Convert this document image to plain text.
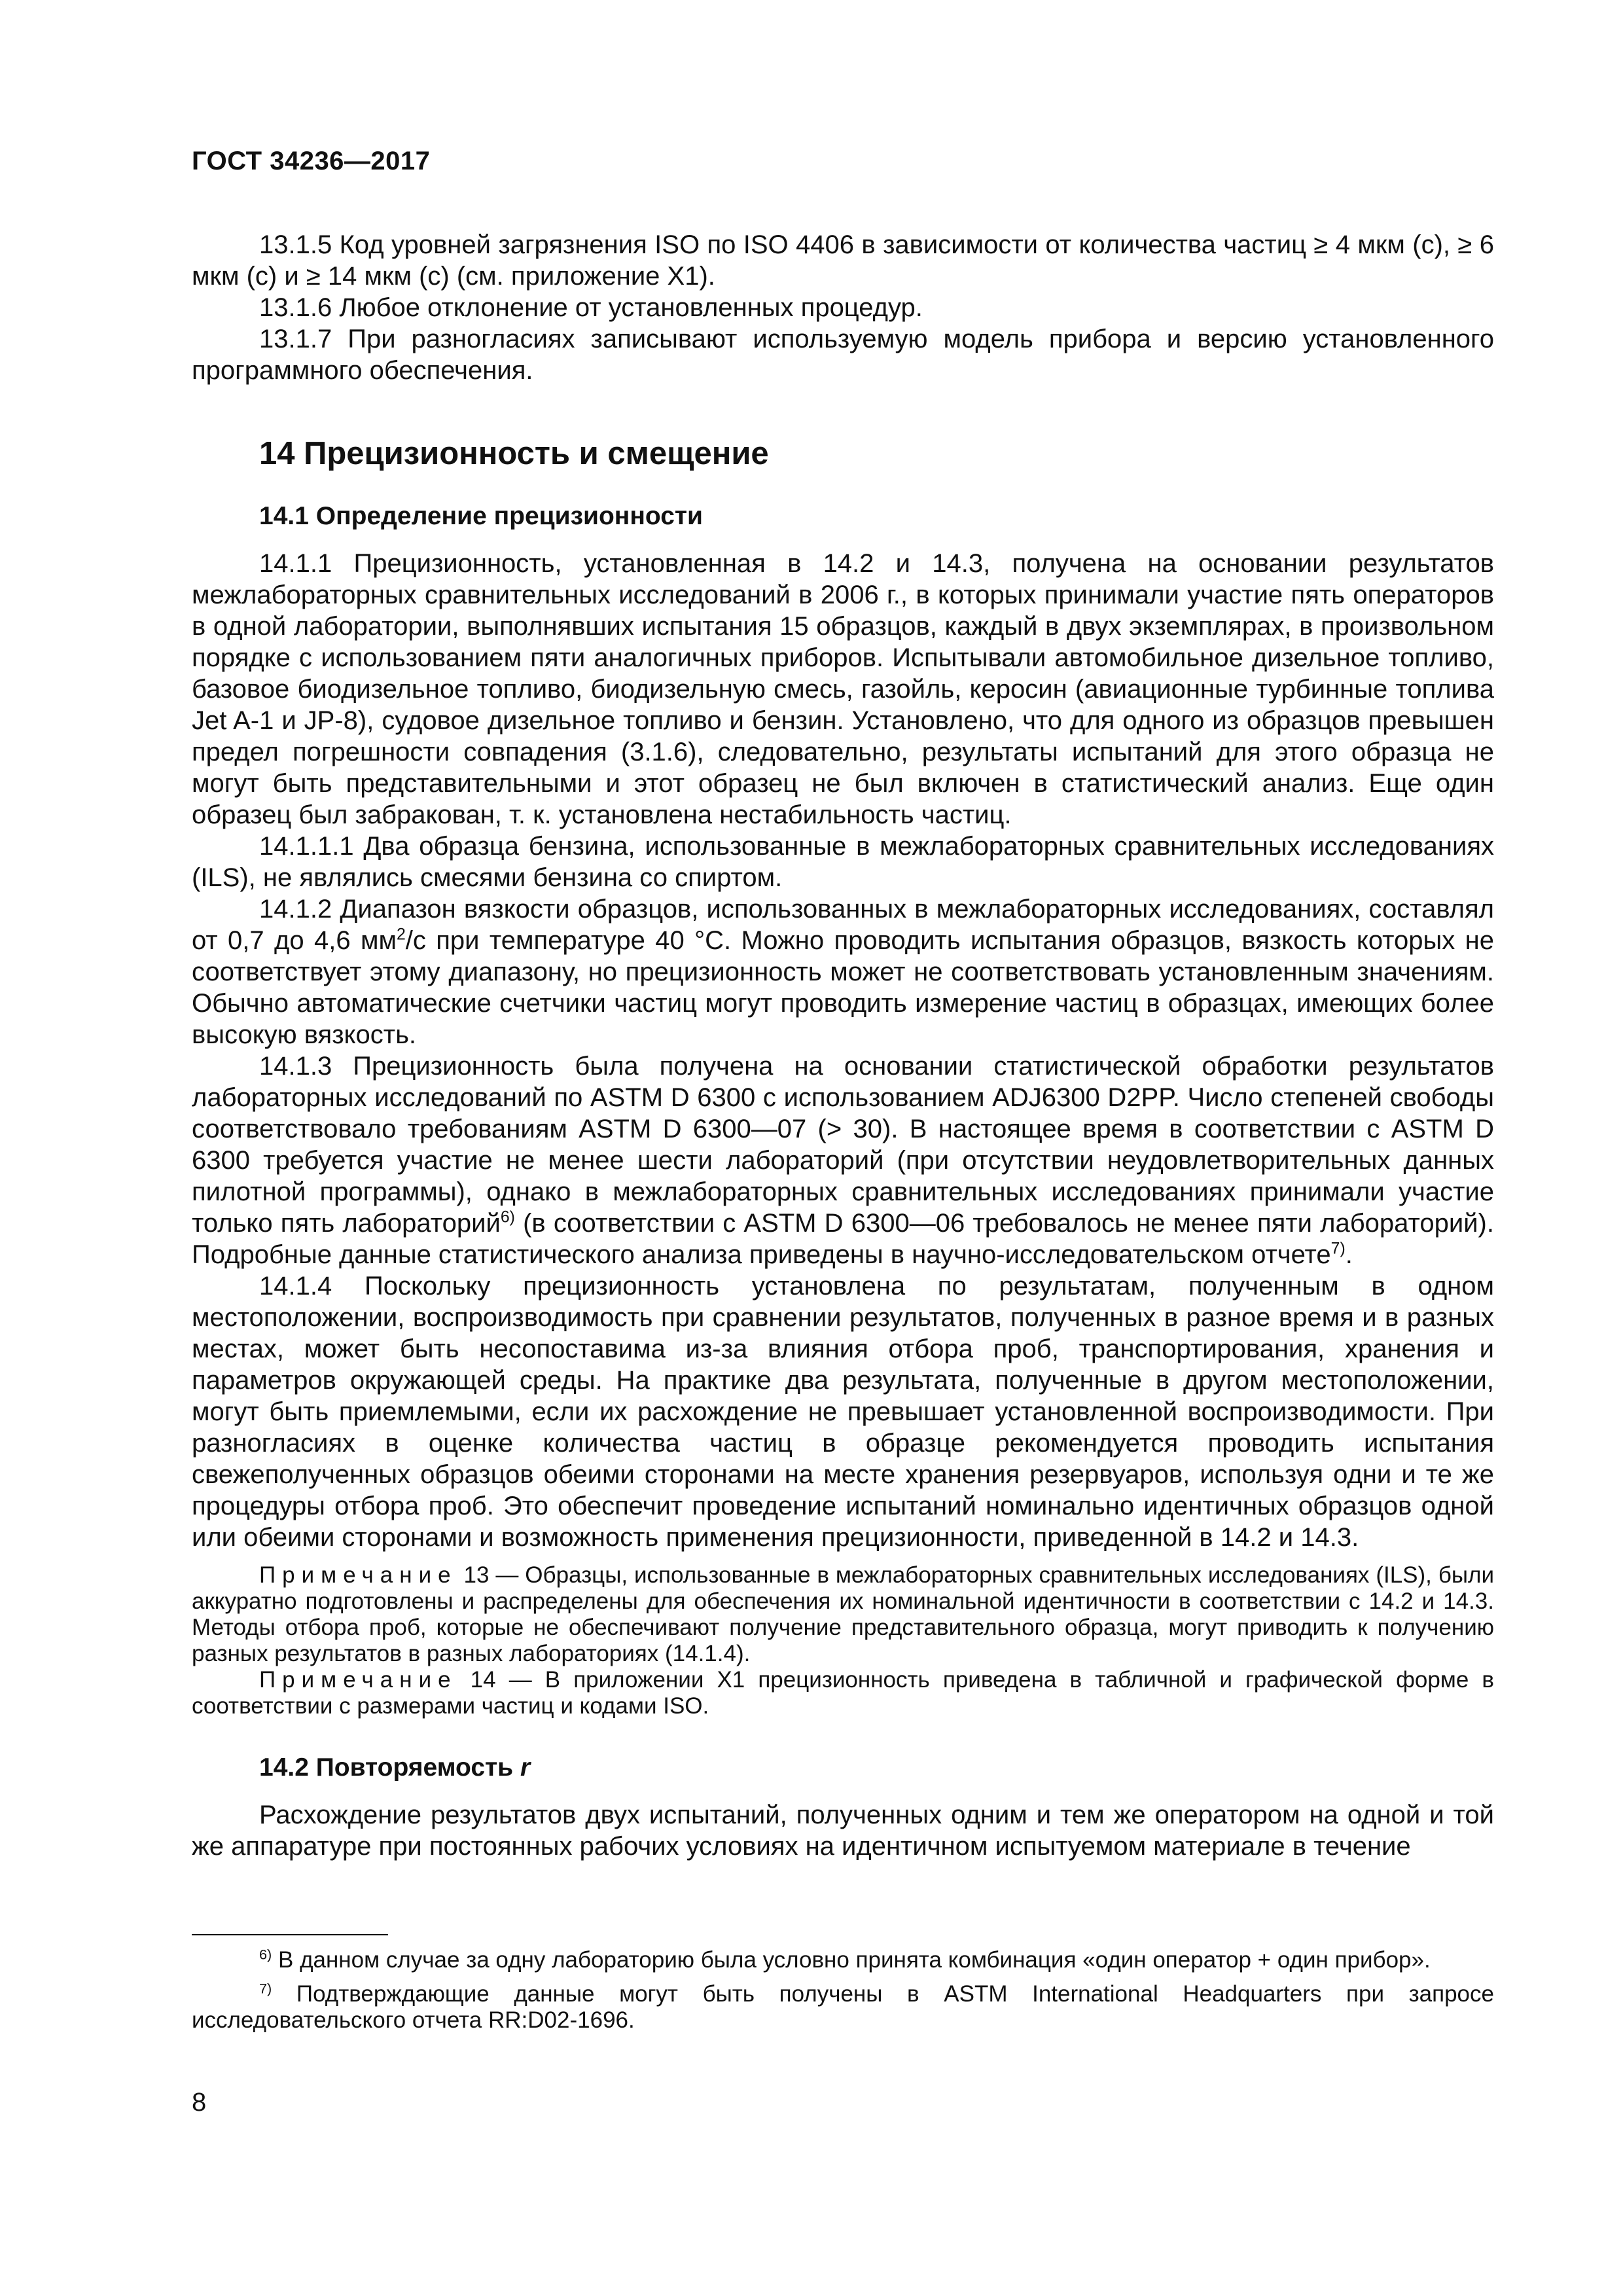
ГОСТ 34236—2017

13.1.5 Код уровней загрязнения ISO по ISO 4406 в зависимости от количества частиц ≥ 4 мкм (с), ≥ 6 мкм (с) и ≥ 14 мкм (с) (см. приложение X1).

13.1.6 Любое отклонение от установленных процедур.

13.1.7 При разногласиях записывают используемую модель прибора и версию установленного программного обеспечения.

14 Прецизионность и смещение
14.1 Определение прецизионности

14.1.1 Прецизионность, установленная в 14.2 и 14.3, получена на основании результатов межлабораторных сравнительных исследований в 2006 г., в которых принимали участие пять операторов в одной лаборатории, выполнявших испытания 15 образцов, каждый в двух экземплярах, в произвольном порядке с использованием пяти аналогичных приборов. Испытывали автомобильное дизельное топливо, базовое биодизельное топливо, биодизельную смесь, газойль, керосин (авиационные турбинные топлива Jet A-1 и JP-8), судовое дизельное топливо и бензин. Установлено, что для одного из образцов превышен предел погрешности совпадения (3.1.6), следовательно, результаты испытаний для этого образца не могут быть представительными и этот образец не был включен в статистический анализ. Еще один образец был забракован, т. к. установлена нестабильность частиц.

14.1.1.1 Два образца бензина, использованные в межлабораторных сравнительных исследованиях (ILS), не являлись смесями бензина со спиртом.

14.1.2 Диапазон вязкости образцов, использованных в межлабораторных исследованиях, составлял от 0,7 до 4,6 $мм^2/с$ при температуре 40 °С. Можно проводить испытания образцов, вязкость которых не соответствует этому диапазону, но прецизионность может не соответствовать установленным значениям. Обычно автоматические счетчики частиц могут проводить измерение частиц в образцах, имеющих более высокую вязкость.

14.1.3 Прецизионность была получена на основании статистической обработки результатов лабораторных исследований по ASTM D 6300 с использованием ADJ6300 D2PP. Число степеней свободы соответствовало требованиям ASTM D 6300—07 (> 30). В настоящее время в соответствии с ASTM D 6300 требуется участие не менее шести лабораторий (при отсутствии неудовлетворительных данных пилотной программы), однако в межлабораторных сравнительных исследованиях принимали участие только пять лабораторий$^{6)}$ (в соответствии с ASTM D 6300—06 требовалось не менее пяти лабораторий). Подробные данные статистического анализа приведены в научно-исследовательском отчете$^{7)}$.

14.1.4 Поскольку прецизионность установлена по результатам, полученным в одном местоположении, воспроизводимость при сравнении результатов, полученных в разное время и в разных местах, может быть несопоставима из-за влияния отбора проб, транспортирования, хранения и параметров окружающей среды. На практике два результата, полученные в другом местоположении, могут быть приемлемыми, если их расхождение не превышает установленной воспроизводимости. При разногласиях в оценке количества частиц в образце рекомендуется проводить испытания свежеполученных образцов обеими сторонами на месте хранения резервуаров, используя одни и те же процедуры отбора проб. Это обеспечит проведение испытаний номинально идентичных образцов одной или обеими сторонами и возможность применения прецизионности, приведенной в 14.2 и 14.3.

Примечание 13 — Образцы, использованные в межлабораторных сравнительных исследованиях (ILS), были аккуратно подготовлены и распределены для обеспечения их номинальной идентичности в соответствии с 14.2 и 14.3. Методы отбора проб, которые не обеспечивают получение представительного образца, могут приводить к получению разных результатов в разных лабораториях (14.1.4).

Примечание 14 — В приложении X1 прецизионность приведена в табличной и графической форме в соответствии с размерами частиц и кодами ISO.

14.2 Повторяемость r

Расхождение результатов двух испытаний, полученных одним и тем же оператором на одной и той же аппаратуре при постоянных рабочих условиях на идентичном испытуемом материале в течение

$^{6)}$ В данном случае за одну лабораторию была условно принята комбинация «один оператор + один прибор».

$^{7)}$ Подтверждающие данные могут быть получены в ASTM International Headquarters при запросе исследовательского отчета RR:D02-1696.

8
